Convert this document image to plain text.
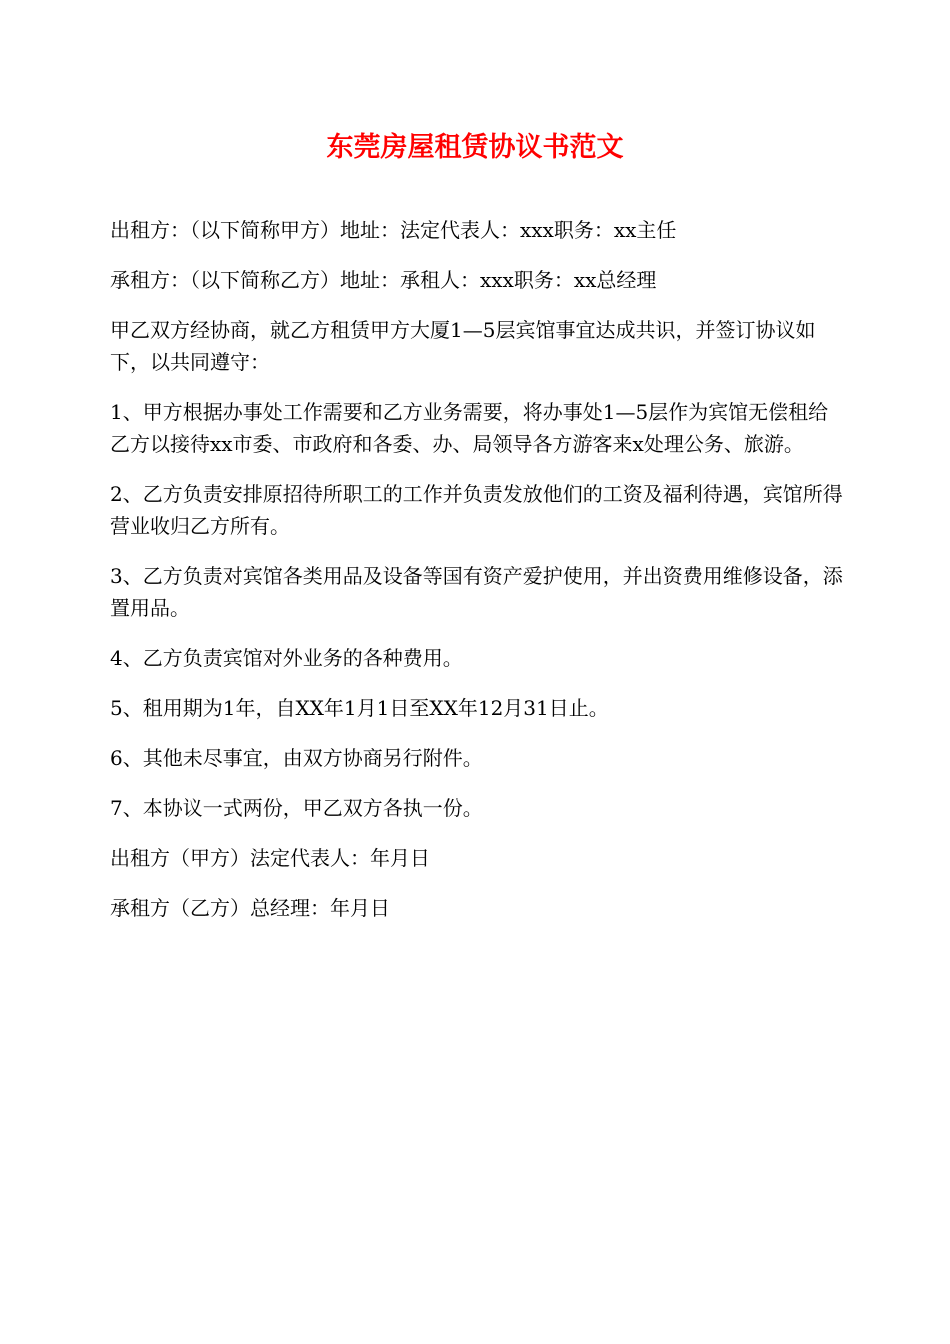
东莞房屋租赁协议书范文

出租方：（以下简称甲方）地址：法定代表人：xxx职务：xx主任

承租方：（以下简称乙方）地址：承租人：xxx职务：xx总经理

甲乙双方经协商，就乙方租赁甲方大厦1—5层宾馆事宜达成共识，并签订协议如下，以共同遵守：

1、甲方根据办事处工作需要和乙方业务需要，将办事处1—5层作为宾馆无偿租给乙方以接待xx市委、市政府和各委、办、局领导各方游客来x处理公务、旅游。

2、乙方负责安排原招待所职工的工作并负责发放他们的工资及福利待遇，宾馆所得营业收归乙方所有。

3、乙方负责对宾馆各类用品及设备等国有资产爱护使用，并出资费用维修设备，添置用品。

4、乙方负责宾馆对外业务的各种费用。

5、租用期为1年，自XX年1月1日至XX年12月31日止。

6、其他未尽事宜，由双方协商另行附件。

7、本协议一式两份，甲乙双方各执一份。

出租方（甲方）法定代表人：年月日

承租方（乙方）总经理：年月日
